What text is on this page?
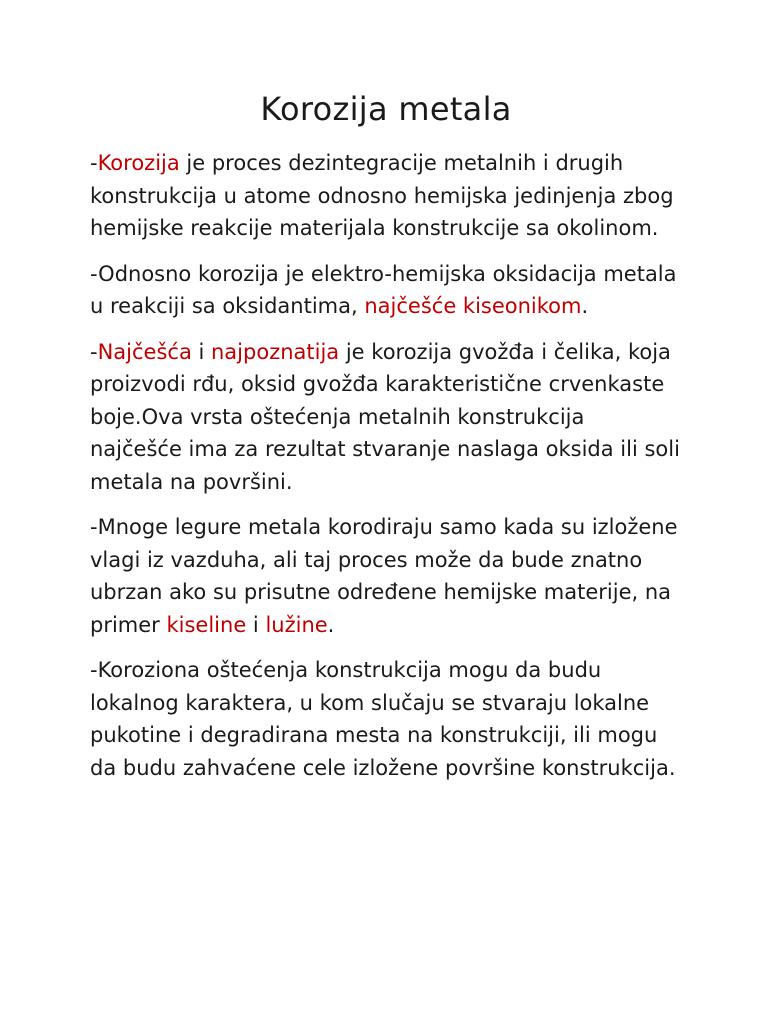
Korozija metala

-Korozija je proces dezintegracije metalnih i drugih konstrukcija u atome odnosno hemijska jedinjenja zbog hemijske reakcije materijala konstrukcije sa okolinom.

-Odnosno korozija je elektro-hemijska oksidacija metala u reakciji sa oksidantima, najčešće kiseonikom.

-Najčešća i najpoznatija je korozija gvožđa i čelika, koja proizvodi rđu, oksid gvožđa karakteristične crvenkaste boje.Ova vrsta oštećenja metalnih konstrukcija najčešće ima za rezultat stvaranje naslaga oksida ili soli metala na površini.

-Mnoge legure metala korodiraju samo kada su izložene vlagi iz vazduha, ali taj proces može da bude znatno ubrzan ako su prisutne određene hemijske materije, na primer kiseline i lužine.

-Koroziona oštećenja konstrukcija mogu da budu lokalnog karaktera, u kom slučaju se stvaraju lokalne pukotine i degradirana mesta na konstrukciji, ili mogu da budu zahvaćene cele izložene površine konstrukcija.
